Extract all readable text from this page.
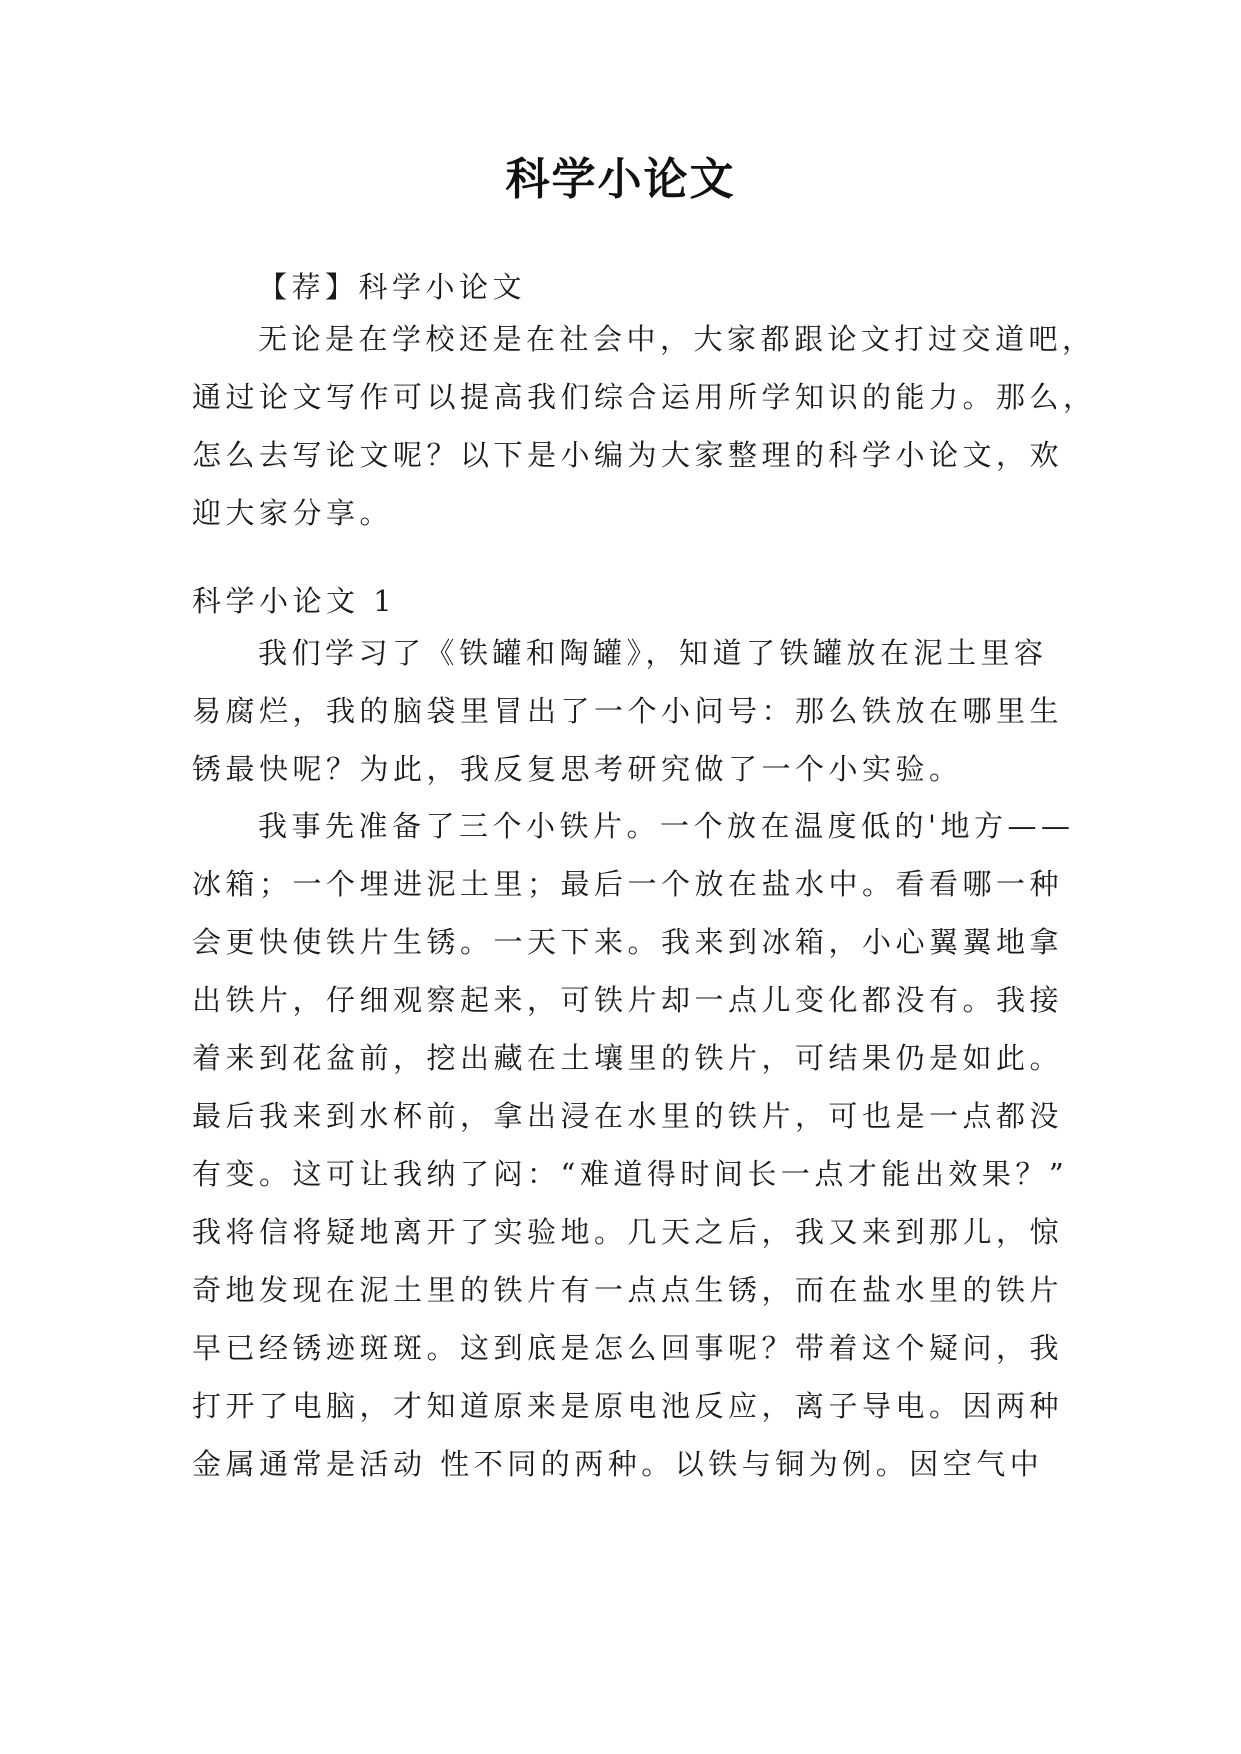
科学小论文
【荐】科学小论文
无论是在学校还是在社会中，大家都跟论文打过交道吧，
通过论文写作可以提高我们综合运用所学知识的能力。那么，
怎么去写论文呢？以下是小编为大家整理的科学小论文，欢
迎大家分享。
科学小论文 1
我们学习了《铁罐和陶罐》，知道了铁罐放在泥土里容
易腐烂，我的脑袋里冒出了一个小问号：那么铁放在哪里生
锈最快呢？为此，我反复思考研究做了一个小实验。
我事先准备了三个小铁片。一个放在温度低的'地方——
冰箱；一个埋进泥土里；最后一个放在盐水中。看看哪一种
会更快使铁片生锈。一天下来。我来到冰箱，小心翼翼地拿
出铁片，仔细观察起来，可铁片却一点儿变化都没有。我接
着来到花盆前，挖出藏在土壤里的铁片，可结果仍是如此。
最后我来到水杯前，拿出浸在水里的铁片，可也是一点都没
有变。这可让我纳了闷：“难道得时间长一点才能出效果？”
我将信将疑地离开了实验地。几天之后，我又来到那儿，惊
奇地发现在泥土里的铁片有一点点生锈，而在盐水里的铁片
早已经锈迹斑斑。这到底是怎么回事呢？带着这个疑问，我
打开了电脑，才知道原来是原电池反应，离子导电。因两种
金属通常是活动 性不同的两种。以铁与铜为例。因空气中
